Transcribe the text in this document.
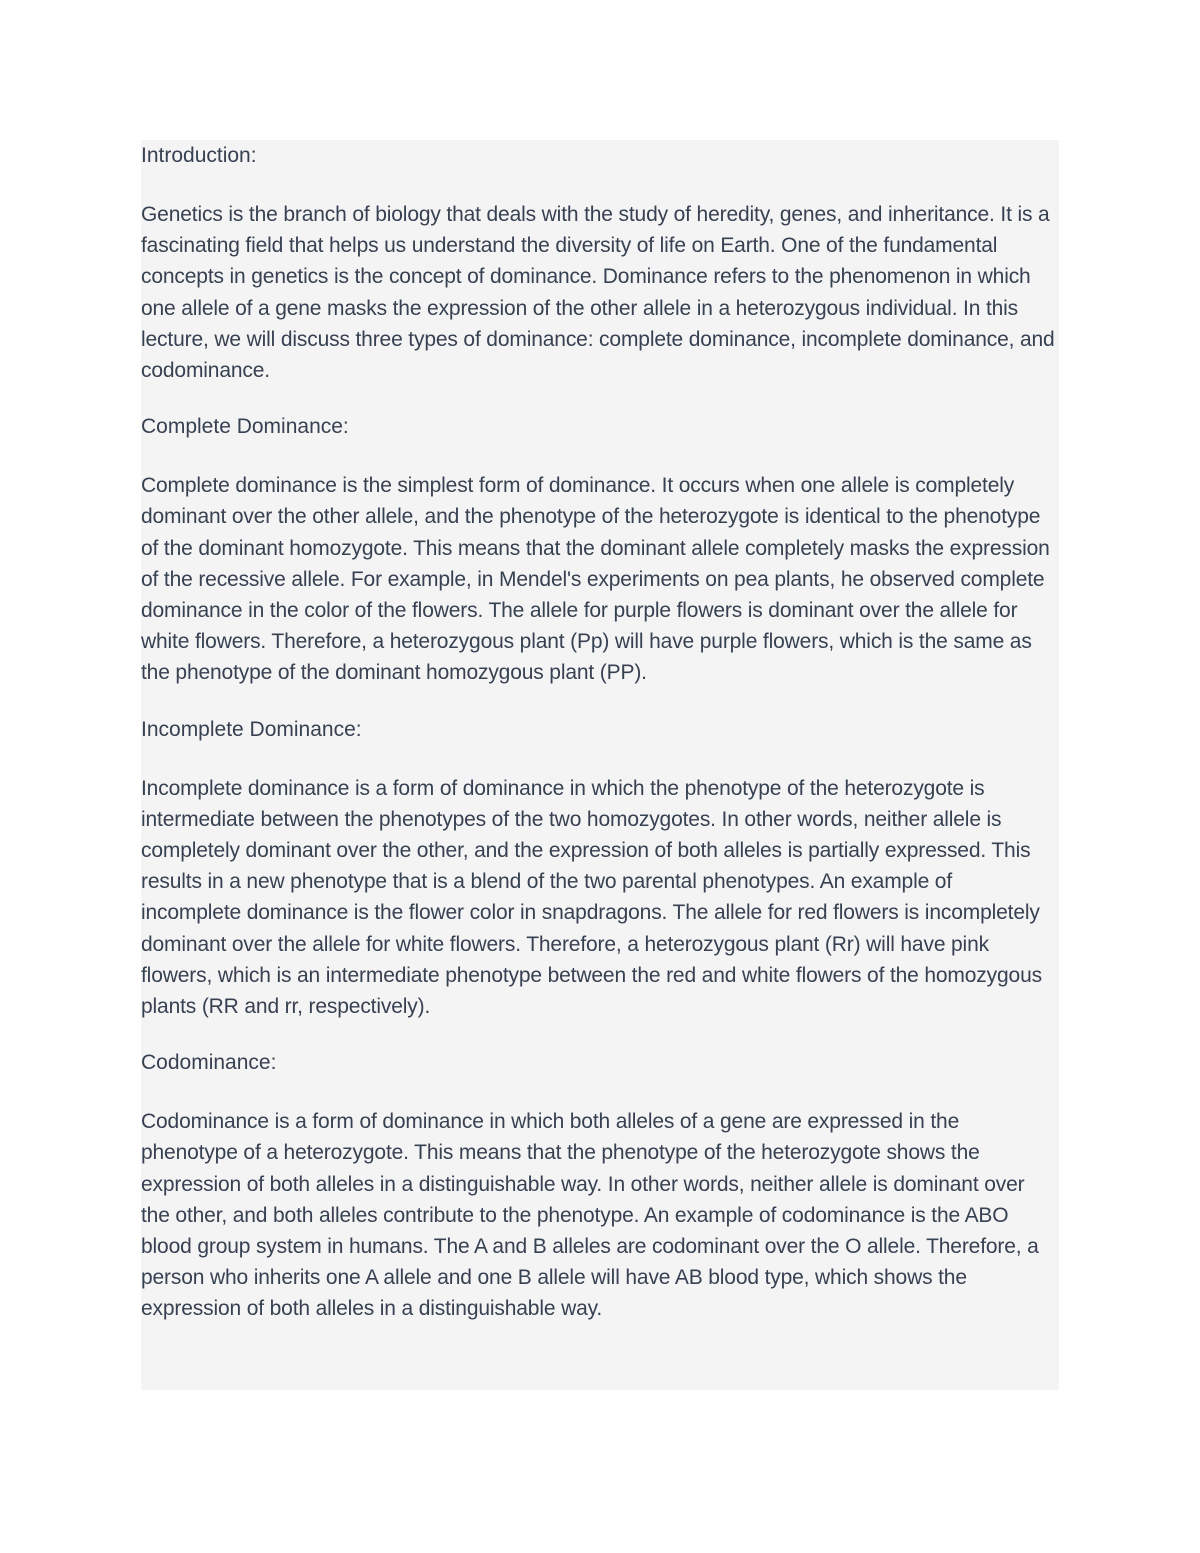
Introduction:

Genetics is the branch of biology that deals with the study of heredity, genes, and inheritance. It is a fascinating field that helps us understand the diversity of life on Earth. One of the fundamental concepts in genetics is the concept of dominance. Dominance refers to the phenomenon in which one allele of a gene masks the expression of the other allele in a heterozygous individual. In this lecture, we will discuss three types of dominance: complete dominance, incomplete dominance, and codominance.

Complete Dominance:

Complete dominance is the simplest form of dominance. It occurs when one allele is completely dominant over the other allele, and the phenotype of the heterozygote is identical to the phenotype of the dominant homozygote. This means that the dominant allele completely masks the expression of the recessive allele. For example, in Mendel's experiments on pea plants, he observed complete dominance in the color of the flowers. The allele for purple flowers is dominant over the allele for white flowers. Therefore, a heterozygous plant (Pp) will have purple flowers, which is the same as the phenotype of the dominant homozygous plant (PP).

Incomplete Dominance:

Incomplete dominance is a form of dominance in which the phenotype of the heterozygote is intermediate between the phenotypes of the two homozygotes. In other words, neither allele is completely dominant over the other, and the expression of both alleles is partially expressed. This results in a new phenotype that is a blend of the two parental phenotypes. An example of incomplete dominance is the flower color in snapdragons. The allele for red flowers is incompletely dominant over the allele for white flowers. Therefore, a heterozygous plant (Rr) will have pink flowers, which is an intermediate phenotype between the red and white flowers of the homozygous plants (RR and rr, respectively).

Codominance:

Codominance is a form of dominance in which both alleles of a gene are expressed in the phenotype of a heterozygote. This means that the phenotype of the heterozygote shows the expression of both alleles in a distinguishable way. In other words, neither allele is dominant over the other, and both alleles contribute to the phenotype. An example of codominance is the ABO blood group system in humans. The A and B alleles are codominant over the O allele. Therefore, a person who inherits one A allele and one B allele will have AB blood type, which shows the expression of both alleles in a distinguishable way.
